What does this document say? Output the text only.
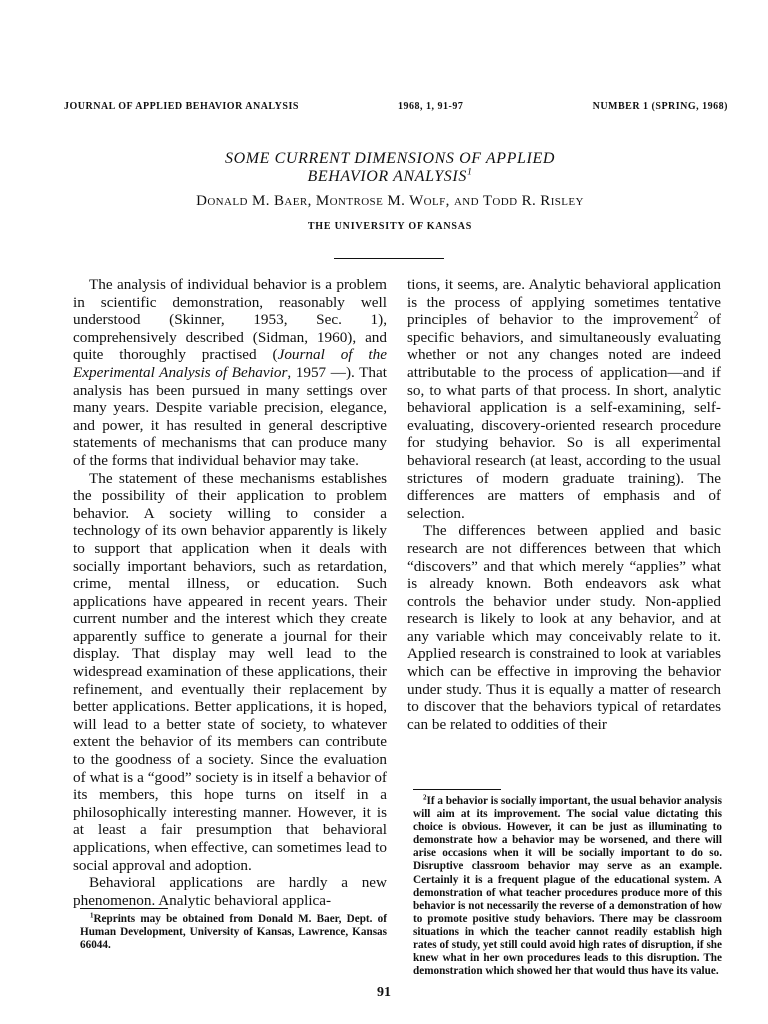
JOURNAL OF APPLIED BEHAVIOR ANALYSIS	1968, 1, 91-97	NUMBER 1 (SPRING, 1968)
SOME CURRENT DIMENSIONS OF APPLIED
BEHAVIOR ANALYSIS$^1$
Donald M. Baer, Montrose M. Wolf, and Todd R. Risley
THE UNIVERSITY OF KANSAS

The analysis of individual behavior is a problem in scientific demonstration, reasonably well understood (Skinner, 1953, Sec. 1), comprehensively described (Sidman, 1960), and quite thoroughly practised (Journal of the Experimental Analysis of Behavior, 1957 —). That analysis has been pursued in many settings over many years. Despite variable precision, elegance, and power, it has resulted in general descriptive statements of mechanisms that can produce many of the forms that individual behavior may take.

The statement of these mechanisms establishes the possibility of their application to problem behavior. A society willing to consider a technology of its own behavior apparently is likely to support that application when it deals with socially important behaviors, such as retardation, crime, mental illness, or education. Such applications have appeared in recent years. Their current number and the interest which they create apparently suffice to generate a journal for their display. That display may well lead to the widespread examination of these applications, their refinement, and eventually their replacement by better applications. Better applications, it is hoped, will lead to a better state of society, to whatever extent the behavior of its members can contribute to the goodness of a society. Since the evaluation of what is a “good” society is in itself a behavior of its members, this hope turns on itself in a philosophically interesting manner. However, it is at least a fair presumption that behavioral applications, when effective, can sometimes lead to social approval and adoption.

Behavioral applications are hardly a new phenomenon. Analytic behavioral applica-

tions, it seems, are. Analytic behavioral application is the process of applying sometimes tentative principles of behavior to the improvement$^2$ of specific behaviors, and simultaneously evaluating whether or not any changes noted are indeed attributable to the process of application—and if so, to what parts of that process. In short, analytic behavioral application is a self-examining, self-evaluating, discovery-oriented research procedure for studying behavior. So is all experimental behavioral research (at least, according to the usual strictures of modern graduate training). The differences are matters of emphasis and of selection.

The differences between applied and basic research are not differences between that which “discovers” and that which merely “applies” what is already known. Both endeavors ask what controls the behavior under study. Non-applied research is likely to look at any behavior, and at any variable which may conceivably relate to it. Applied research is constrained to look at variables which can be effective in improving the behavior under study. Thus it is equally a matter of research to discover that the behaviors typical of retardates can be related to oddities of their

$^1$Reprints may be obtained from Donald M. Baer, Dept. of Human Development, University of Kansas, Lawrence, Kansas 66044.

$^2$If a behavior is socially important, the usual behavior analysis will aim at its improvement. The social value dictating this choice is obvious. However, it can be just as illuminating to demonstrate how a behavior may be worsened, and there will arise occasions when it will be socially important to do so. Disruptive classroom behavior may serve as an example. Certainly it is a frequent plague of the educational system. A demonstration of what teacher procedures produce more of this behavior is not necessarily the reverse of a demonstration of how to promote positive study behaviors. There may be classroom situations in which the teacher cannot readily establish high rates of study, yet still could avoid high rates of disruption, if she knew what in her own procedures leads to this disruption. The demonstration which showed her that would thus have its value.

91
